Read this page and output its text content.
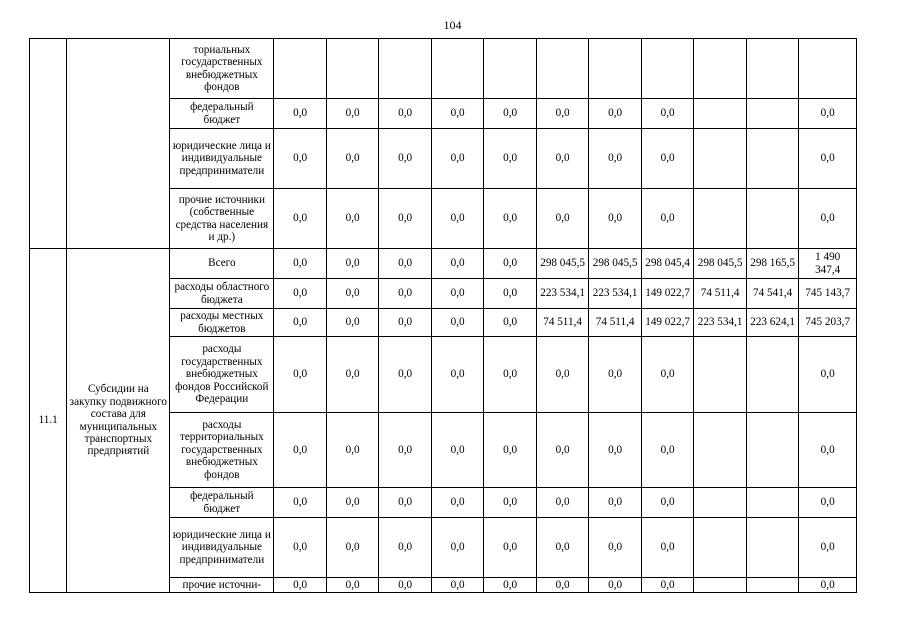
104
		ториальных государственных внебюджетных фондов											
		федеральный бюджет	0,0	0,0	0,0	0,0	0,0	0,0	0,0	0,0			0,0
		юридические лица и индивидуальные предприниматели	0,0	0,0	0,0	0,0	0,0	0,0	0,0	0,0			0,0
		прочие источники (собственные средства населения и др.)	0,0	0,0	0,0	0,0	0,0	0,0	0,0	0,0			0,0
11.1	Субсидии на закупку подвижного состава для муниципальных транспортных предприятий	Всего	0,0	0,0	0,0	0,0	0,0	298 045,5	298 045,5	298 045,4	298 045,5	298 165,5	1 490 347,4
		расходы областного бюджета	0,0	0,0	0,0	0,0	0,0	223 534,1	223 534,1	149 022,7	74 511,4	74 541,4	745 143,7
		расходы местных бюджетов	0,0	0,0	0,0	0,0	0,0	74 511,4	74 511,4	149 022,7	223 534,1	223 624,1	745 203,7
		расходы государственных внебюджетных фондов Российской Федерации	0,0	0,0	0,0	0,0	0,0	0,0	0,0	0,0			0,0
		расходы территориальных государственных внебюджетных фондов	0,0	0,0	0,0	0,0	0,0	0,0	0,0	0,0			0,0
		федеральный бюджет	0,0	0,0	0,0	0,0	0,0	0,0	0,0	0,0			0,0
		юридические лица и индивидуальные предприниматели	0,0	0,0	0,0	0,0	0,0	0,0	0,0	0,0			0,0
		прочие источни-	0,0	0,0	0,0	0,0	0,0	0,0	0,0	0,0			0,0
